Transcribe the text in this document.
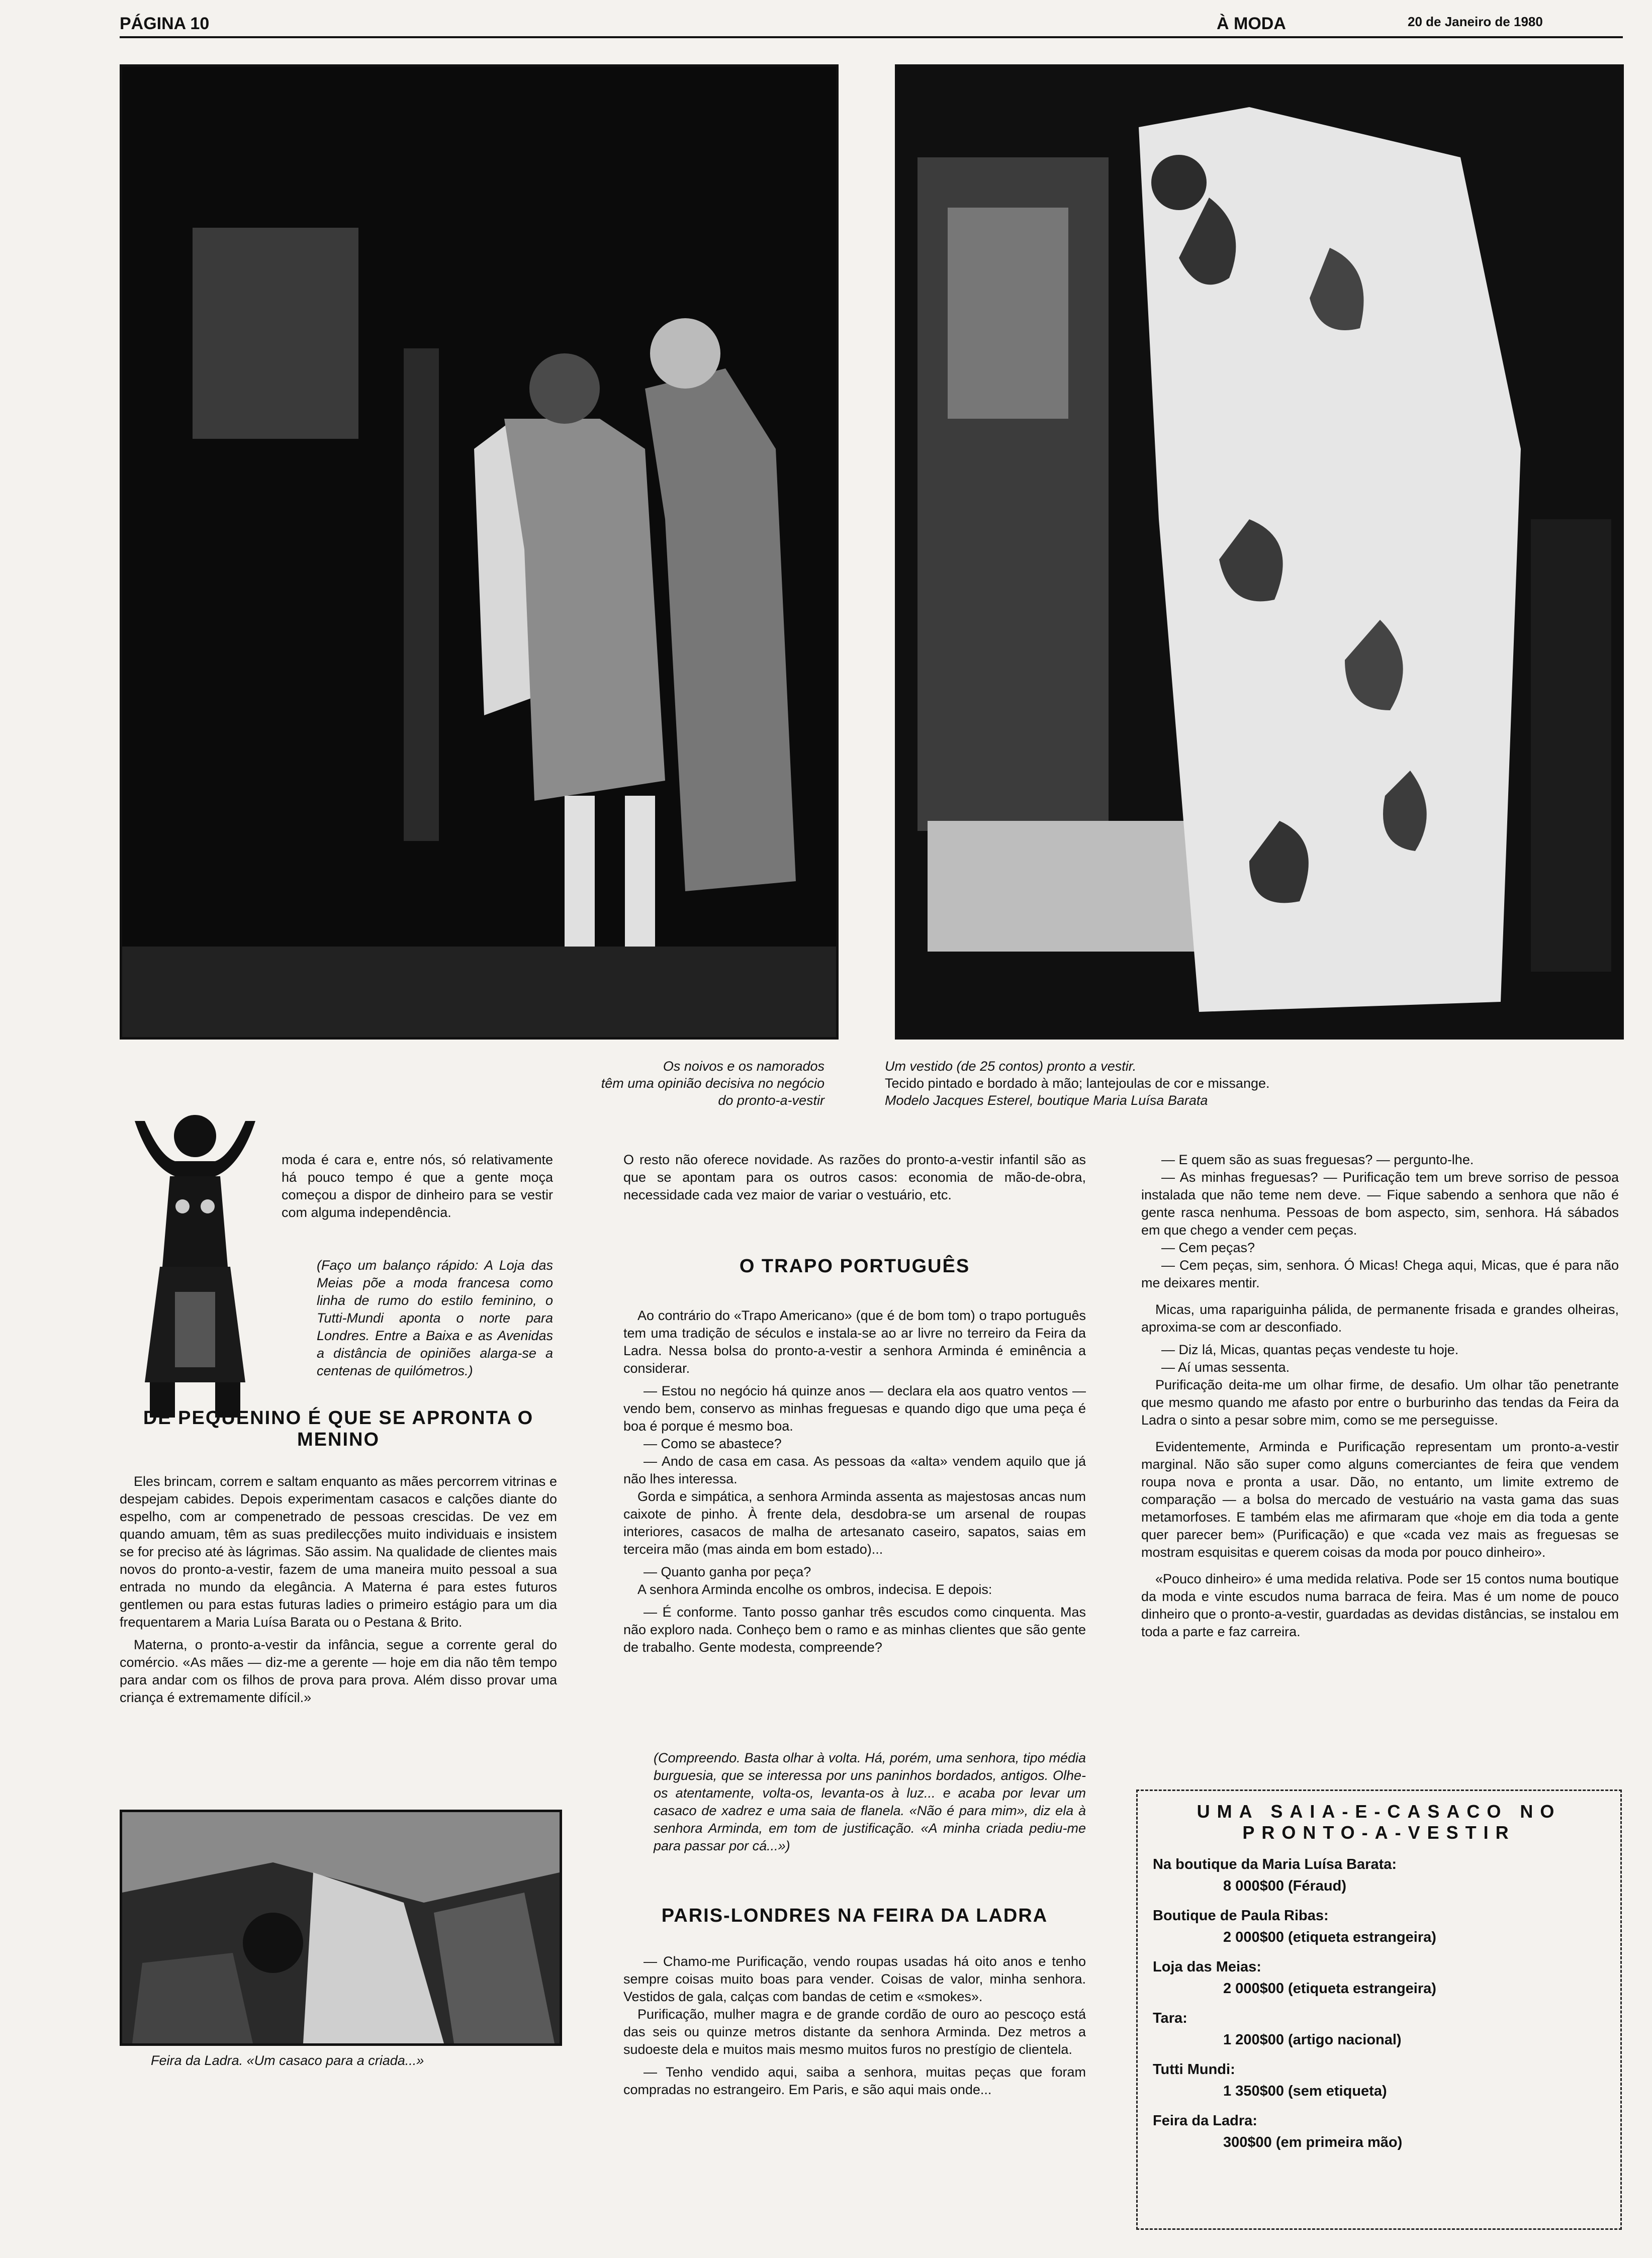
PÁGINA 10	À MODA	20 de Janeiro de 1980
Os noivos e os namorados
têm uma opinião decisiva no negócio
do pronto-a-vestir
Um vestido (de 25 contos) pronto a vestir.
Tecido pintado e bordado à mão; lantejoulas de cor e missange.
Modelo Jacques Esterel, boutique Maria Luísa Barata
moda é cara e, entre nós, só relativamente há pouco tempo é que a gente moça começou a dispor de dinheiro para se vestir com alguma independência.
(Faço um balanço rápido: A Loja das Meias põe a moda francesa como linha de rumo do estilo feminino, o Tutti-Mundi aponta o norte para Londres. Entre a Baixa e as Avenidas a distância de opiniões alarga-se a centenas de quilómetros.)
DE PEQUENINO É QUE SE APRONTA O MENINO

Eles brincam, correm e saltam enquanto as mães percorrem vitrinas e despejam cabides. Depois experimentam casacos e calções diante do espelho, com ar compenetrado de pessoas crescidas. De vez em quando amuam, têm as suas predilecções muito individuais e insistem se for preciso até às lágrimas. São assim. Na qualidade de clientes mais novos do pronto-a-vestir, fazem de uma maneira muito pessoal a sua entrada no mundo da elegância. A Materna é para estes futuros gentlemen ou para estas futuras ladies o primeiro estágio para um dia frequentarem a Maria Luísa Barata ou o Pestana & Brito.

Materna, o pronto-a-vestir da infância, segue a corrente geral do comércio. «As mães — diz-me a gerente — hoje em dia não têm tempo para andar com os filhos de prova para prova. Além disso provar uma criança é extremamente difícil.»

Feira da Ladra. «Um casaco para a criada...»
O resto não oferece novidade. As razões do pronto-a-vestir infantil são as que se apontam para os outros casos: economia de mão-de-obra, necessidade cada vez maior de variar o vestuário, etc.
O TRAPO PORTUGUÊS

Ao contrário do «Trapo Americano» (que é de bom tom) o trapo português tem uma tradição de séculos e instala-se ao ar livre no terreiro da Feira da Ladra. Nessa bolsa do pronto-a-vestir a senhora Arminda é eminência a considerar.

— Estou no negócio há quinze anos — declara ela aos quatro ventos — vendo bem, conservo as minhas freguesas e quando digo que uma peça é boa é porque é mesmo boa.

— Como se abastece?

— Ando de casa em casa. As pessoas da «alta» vendem aquilo que já não lhes interessa.

Gorda e simpática, a senhora Arminda assenta as majestosas ancas num caixote de pinho. À frente dela, desdobra-se um arsenal de roupas interiores, casacos de malha de artesanato caseiro, sapatos, saias em terceira mão (mas ainda em bom estado)...

— Quanto ganha por peça?

A senhora Arminda encolhe os ombros, indecisa. E depois:

— É conforme. Tanto posso ganhar três escudos como cinquenta. Mas não exploro nada. Conheço bem o ramo e as minhas clientes que são gente de trabalho. Gente modesta, compreende?

(Compreendo. Basta olhar à volta. Há, porém, uma senhora, tipo média burguesia, que se interessa por uns paninhos bordados, antigos. Olhe-os atentamente, volta-os, levanta-os à luz... e acaba por levar um casaco de xadrez e uma saia de flanela. «Não é para mim», diz ela à senhora Arminda, em tom de justificação. «A minha criada pediu-me para passar por cá...»)
PARIS-LONDRES NA FEIRA DA LADRA

— Chamo-me Purificação, vendo roupas usadas há oito anos e tenho sempre coisas muito boas para vender. Coisas de valor, minha senhora. Vestidos de gala, calças com bandas de cetim e «smokes».

Purificação, mulher magra e de grande cordão de ouro ao pescoço está das seis ou quinze metros distante da senhora Arminda. Dez metros a sudoeste dela e muitos mais mesmo muitos furos no prestígio de clientela.

— Tenho vendido aqui, saiba a senhora, muitas peças que foram compradas no estrangeiro. Em Paris, e são aqui mais onde...

— E quem são as suas freguesas? — pergunto-lhe.

— As minhas freguesas? — Purificação tem um breve sorriso de pessoa instalada que não teme nem deve. — Fique sabendo a senhora que não é gente rasca nenhuma. Pessoas de bom aspecto, sim, senhora. Há sábados em que chego a vender cem peças.

— Cem peças?

— Cem peças, sim, senhora. Ó Micas! Chega aqui, Micas, que é para não me deixares mentir.

Micas, uma rapariguinha pálida, de permanente frisada e grandes olheiras, aproxima-se com ar desconfiado.

— Diz lá, Micas, quantas peças vendeste tu hoje.

— Aí umas sessenta.

Purificação deita-me um olhar firme, de desafio. Um olhar tão penetrante que mesmo quando me afasto por entre o burburinho das tendas da Feira da Ladra o sinto a pesar sobre mim, como se me perseguisse.

Evidentemente, Arminda e Purificação representam um pronto-a-vestir marginal. Não são super como alguns comerciantes de feira que vendem roupa nova e pronta a usar. Dão, no entanto, um limite extremo de comparação — a bolsa do mercado de vestuário na vasta gama das suas metamorfoses. E também elas me afirmaram que «hoje em dia toda a gente quer parecer bem» (Purificação) e que «cada vez mais as freguesas se mostram esquisitas e querem coisas da moda por pouco dinheiro».

«Pouco dinheiro» é uma medida relativa. Pode ser 15 contos numa boutique da moda e vinte escudos numa barraca de feira. Mas é um nome de pouco dinheiro que o pronto-a-vestir, guardadas as devidas distâncias, se instalou em toda a parte e faz carreira.

UMA SAIA-E-CASACO NO PRONTO-A-VESTIR
Na boutique da Maria Luísa Barata:
8 000$00 (Féraud)
Boutique de Paula Ribas:
2 000$00 (etiqueta estrangeira)
Loja das Meias:
2 000$00 (etiqueta estrangeira)
Tara:
1 200$00 (artigo nacional)
Tutti Mundi:
1 350$00 (sem etiqueta)
Feira da Ladra:
300$00 (em primeira mão)
